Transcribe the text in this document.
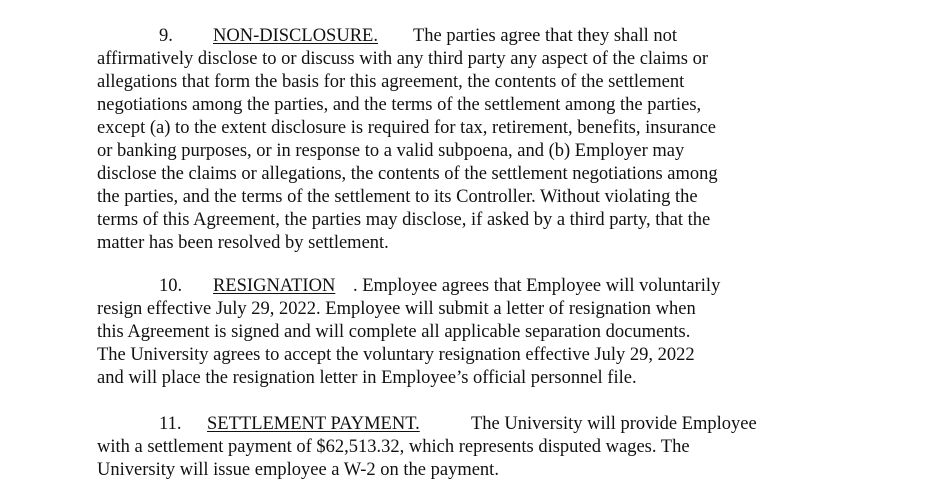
9. NON-DISCLOSURE. The parties agree that they shall not
affirmatively disclose to or discuss with any third party any aspect of the claims or
allegations that form the basis for this agreement, the contents of the settlement
negotiations among the parties, and the terms of the settlement among the parties,
except (a) to the extent disclosure is required for tax, retirement, benefits, insurance
or banking purposes, or in response to a valid subpoena, and (b) Employer may
disclose the claims or allegations, the contents of the settlement negotiations among
the parties, and the terms of the settlement to its Controller. Without violating the
terms of this Agreement, the parties may disclose, if asked by a third party, that the
matter has been resolved by settlement.
10. RESIGNATION . Employee agrees that Employee will voluntarily
resign effective July 29, 2022. Employee will submit a letter of resignation when
this Agreement is signed and will complete all applicable separation documents.
The University agrees to accept the voluntary resignation effective July 29, 2022
and will place the resignation letter in Employee’s official personnel file.
11. SETTLEMENT PAYMENT.	The University will provide Employee
with a settlement payment of $62,513.32, which represents disputed wages. The
University will issue employee a W-2 on the payment.
